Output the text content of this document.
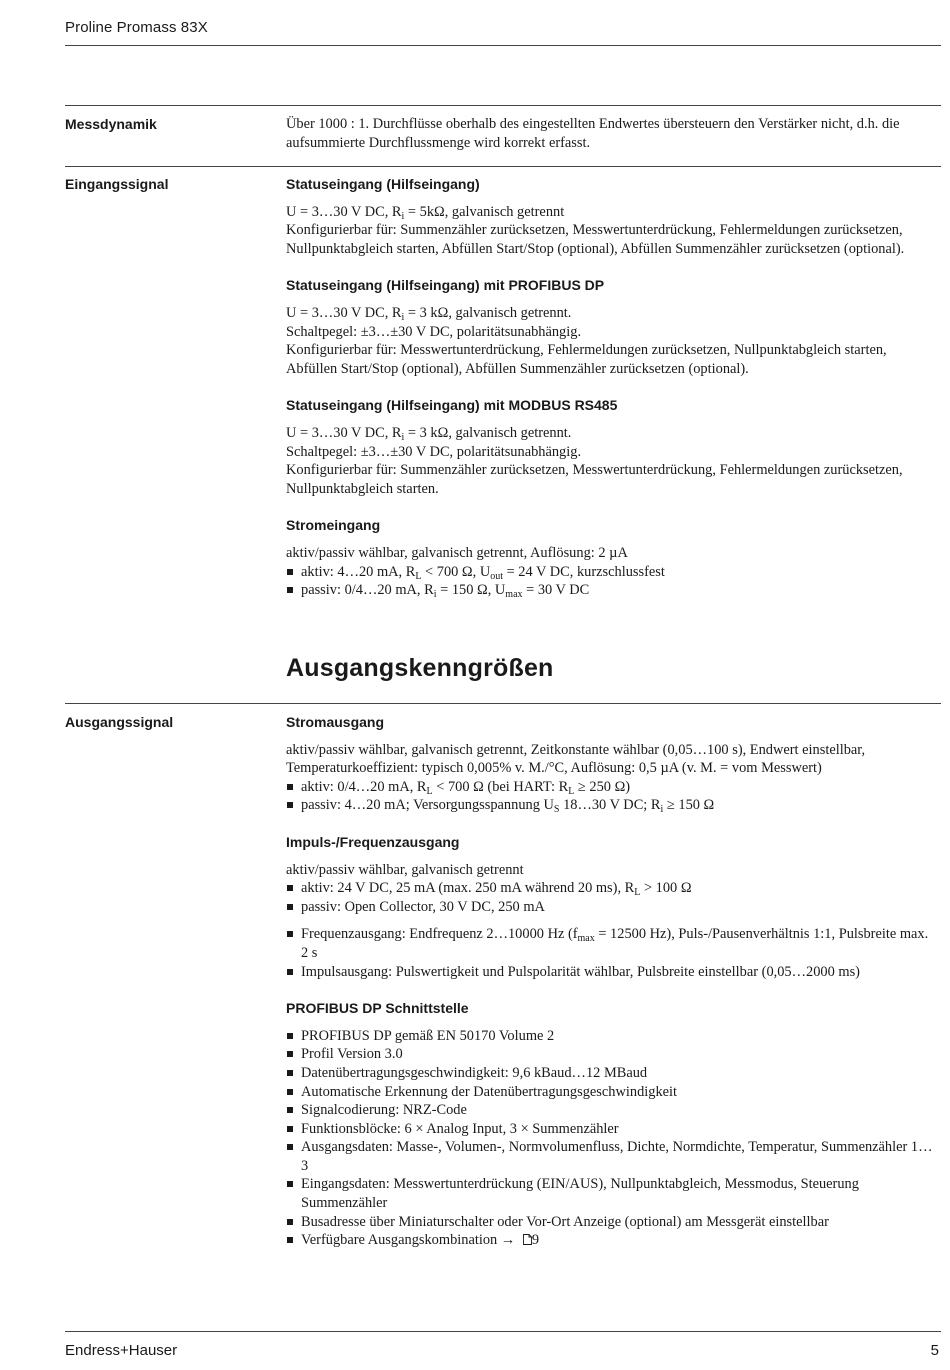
Proline Promass 83X
Messdynamik	Über 1000 : 1. Durchflüsse oberhalb des eingestellten Endwertes übersteuern den Verstärker nicht, d.h. die aufsummierte Durchflussmenge wird korrekt erfasst.

Eingangssignal	Statuseingang (Hilfseingang)

U = 3…30 V DC, $R_i = 5k\Omega$, galvanisch getrennt

Konfigurierbar für: Summenzähler zurücksetzen, Messwertunterdrückung, Fehlermeldungen zurücksetzen, Nullpunktabgleich starten, Abfüllen Start/Stop (optional), Abfüllen Summenzähler zurücksetzen (optional).

Statuseingang (Hilfseingang) mit PROFIBUS DP

U = 3…30 V DC, $R_i = 3$ kΩ, galvanisch getrennt.

Schaltpegel: ±3…±30 V DC, polaritätsunabhängig.

Konfigurierbar für: Messwertunterdrückung, Fehlermeldungen zurücksetzen, Nullpunktabgleich starten, Abfüllen Start/Stop (optional), Abfüllen Summenzähler zurücksetzen (optional).

Statuseingang (Hilfseingang) mit MODBUS RS485

U = 3…30 V DC, $R_i = 3$ kΩ, galvanisch getrennt.

Schaltpegel: ±3…±30 V DC, polaritätsunabhängig.

Konfigurierbar für: Summenzähler zurücksetzen, Messwertunterdrückung, Fehlermeldungen zurücksetzen, Nullpunktabgleich starten.

Stromeingang

aktiv/passiv wählbar, galvanisch getrennt, Auflösung: 2 µA

aktiv: 4…20 mA, $R_L < 700$ Ω, $U_{out} = 24$ V DC, kurzschlussfest
passiv: 0/4…20 mA, $R_i = 150$ Ω, $U_{max} = 30$ V DC
Ausgangskenngrößen
Ausgangssignal	Stromausgang

aktiv/passiv wählbar, galvanisch getrennt, Zeitkonstante wählbar (0,05…100 s), Endwert einstellbar,

Temperaturkoeffizient: typisch 0,005% v. M./°C, Auflösung: 0,5 µA (v. M. = vom Messwert)

aktiv: 0/4…20 mA, $R_L < 700$ Ω (bei HART: $R_L \ge 250$ Ω)
passiv: 4…20 mA; Versorgungsspannung $U_S$ 18…30 V DC; $R_i \ge 150$ Ω
Impuls-/Frequenzausgang

aktiv/passiv wählbar, galvanisch getrennt

aktiv: 24 V DC, 25 mA (max. 250 mA während 20 ms), $R_L > 100$ Ω
passiv: Open Collector, 30 V DC, 250 mA
Frequenzausgang: Endfrequenz 2…10000 Hz ($f_{max} = 12500$ Hz), Puls-/Pausenverhältnis 1:1, Pulsbreite max. 2 s
Impulsausgang: Pulswertigkeit und Pulspolarität wählbar, Pulsbreite einstellbar (0,05…2000 ms)
PROFIBUS DP Schnittstelle
PROFIBUS DP gemäß EN 50170 Volume 2
Profil Version 3.0
Datenübertragungsgeschwindigkeit: 9,6 kBaud…12 MBaud
Automatische Erkennung der Datenübertragungsgeschwindigkeit
Signalcodierung: NRZ-Code
Funktionsblöcke: 6 × Analog Input, 3 × Summenzähler
Ausgangsdaten: Masse-, Volumen-, Normvolumenfluss, Dichte, Normdichte, Temperatur, Summenzähler 1…3
Eingangsdaten: Messwertunterdrückung (EIN/AUS), Nullpunktabgleich, Messmodus, Steuerung Summenzähler
Busadresse über Miniaturschalter oder Vor-Ort Anzeige (optional) am Messgerät einstellbar
Verfügbare Ausgangskombination → 9
Endress+Hauser	5
